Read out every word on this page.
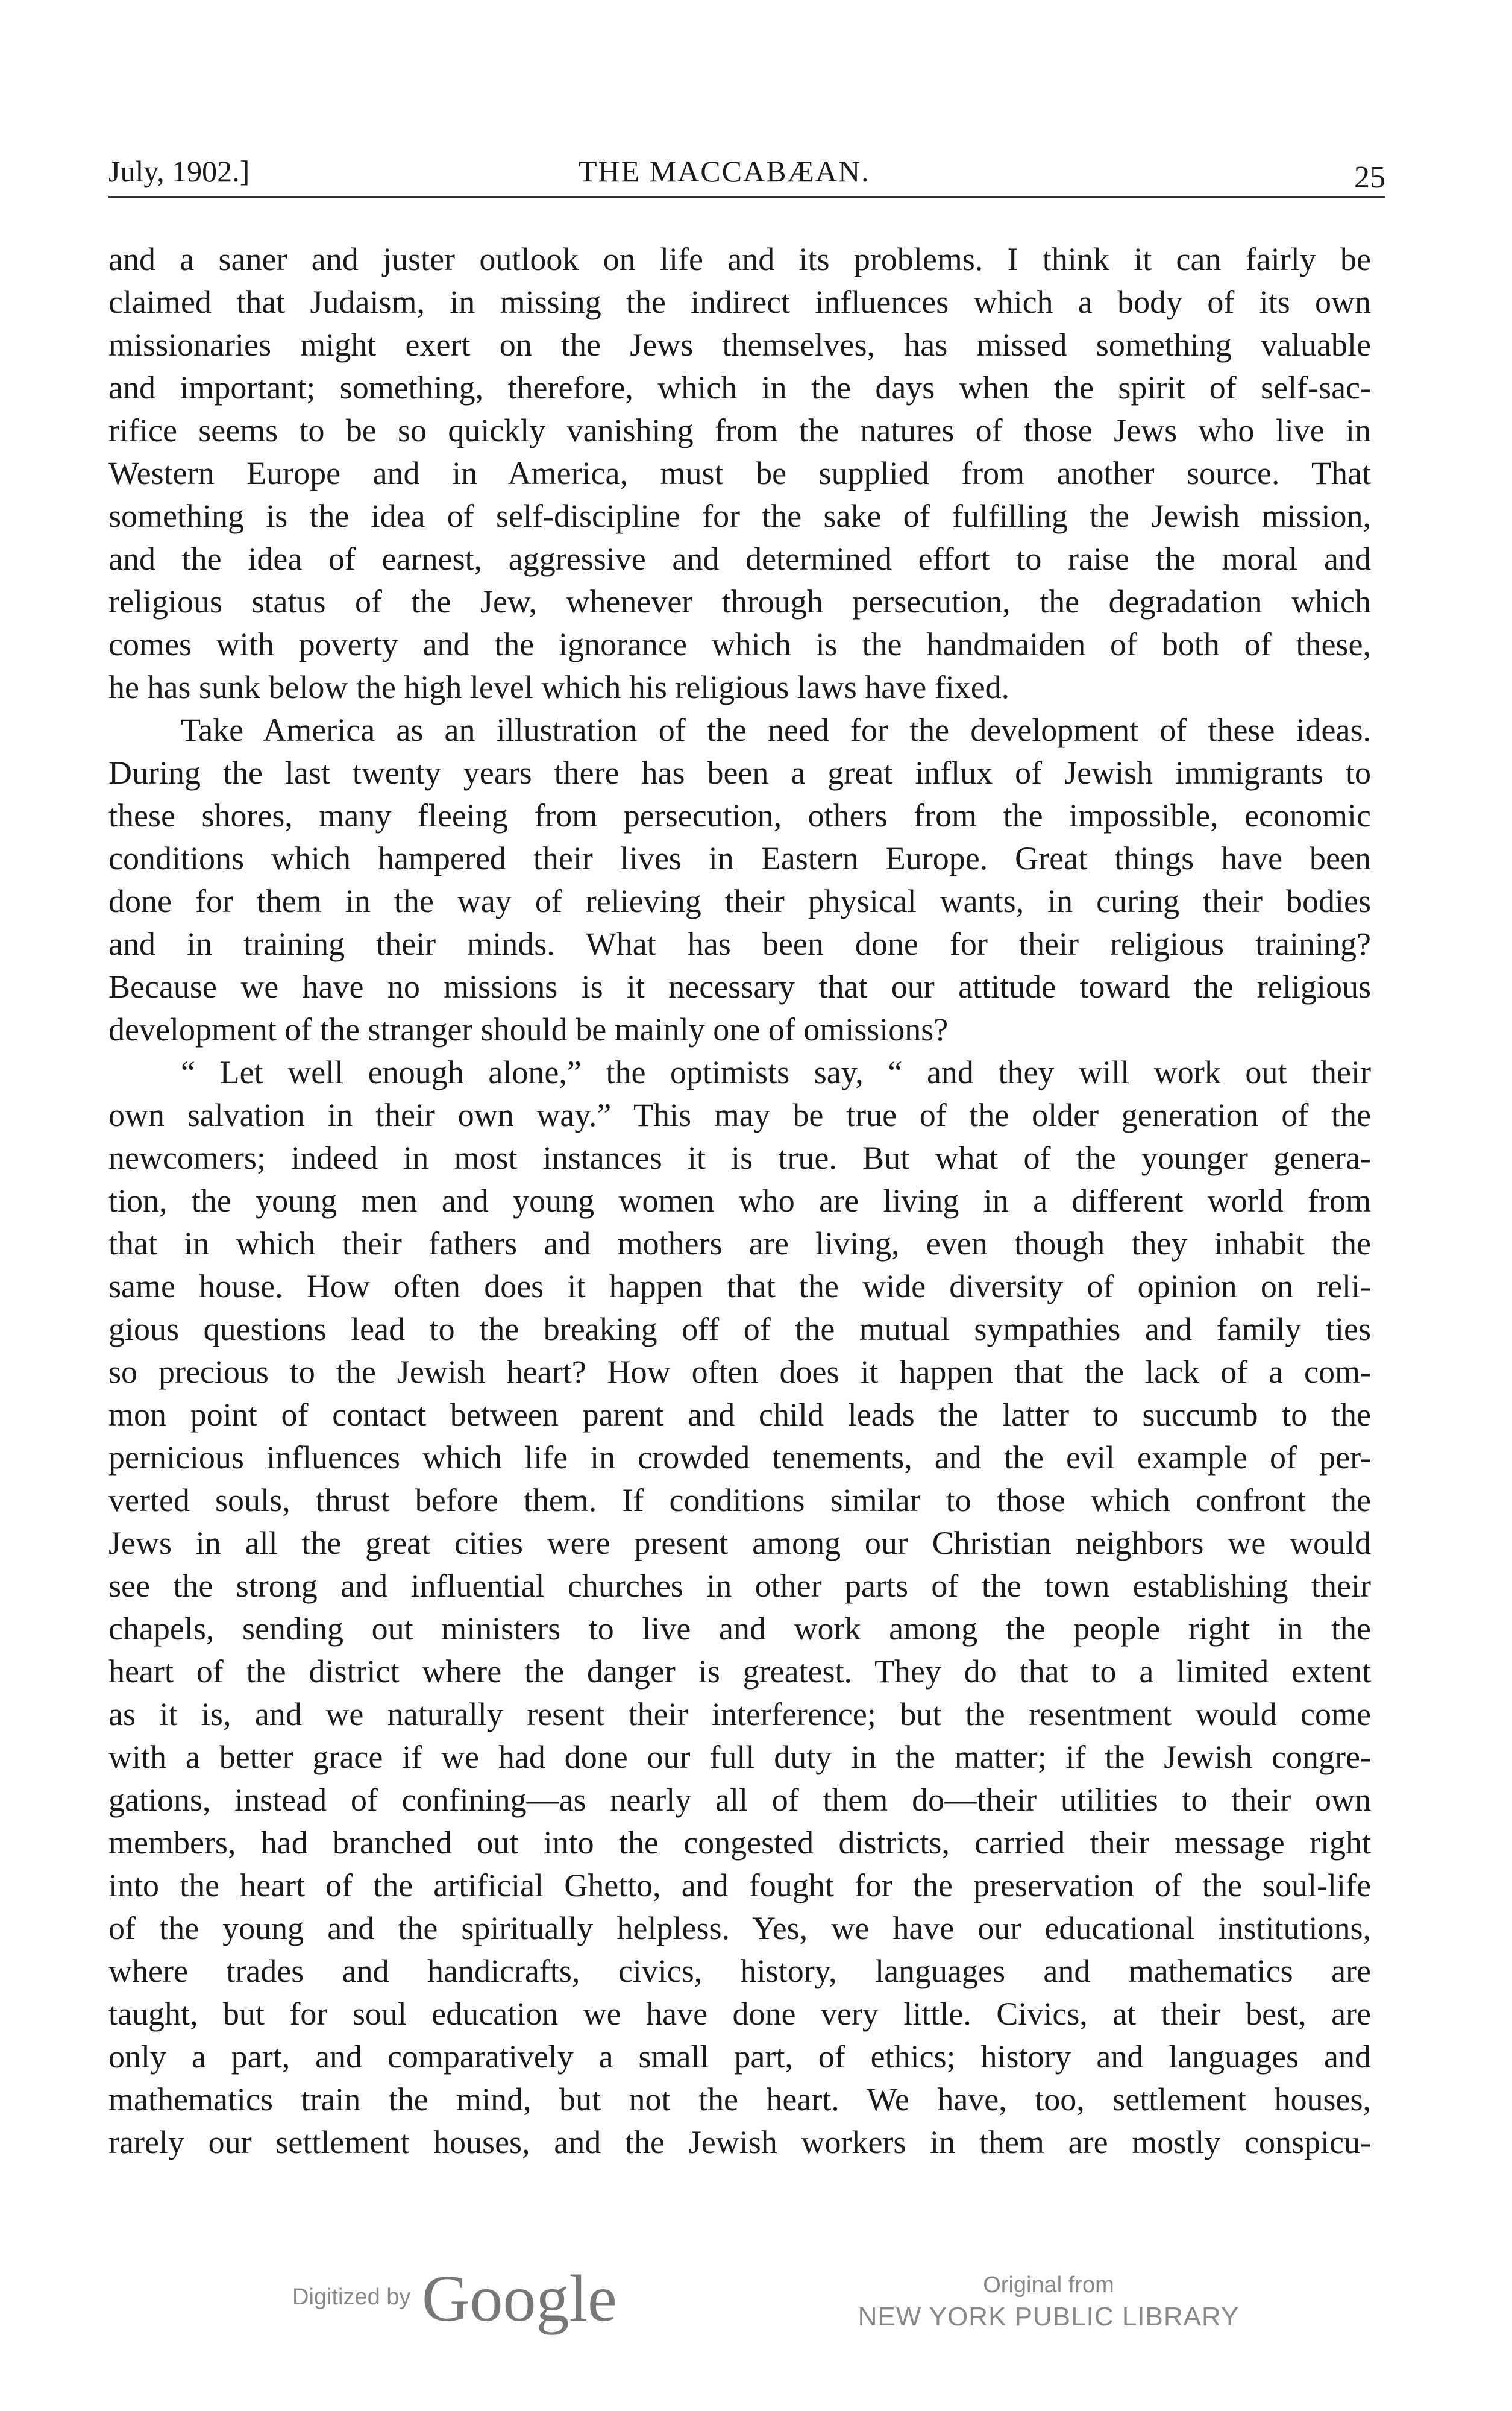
July, 1902.]	THE MACCABÆAN.	25
and a saner and juster outlook on life and its problems. I think it can fairly be
claimed that Judaism, in missing the indirect influences which a body of its own
missionaries might exert on the Jews themselves, has missed something valuable
and important; something, therefore, which in the days when the spirit of self-sac-
rifice seems to be so quickly vanishing from the natures of those Jews who live in
Western Europe and in America, must be supplied from another source. That
something is the idea of self-discipline for the sake of fulfilling the Jewish mission,
and the idea of earnest, aggressive and determined effort to raise the moral and
religious status of the Jew, whenever through persecution, the degradation which
comes with poverty and the ignorance which is the handmaiden of both of these,
he has sunk below the high level which his religious laws have fixed.
Take America as an illustration of the need for the development of these ideas.
During the last twenty years there has been a great influx of Jewish immigrants to
these shores, many fleeing from persecution, others from the impossible, economic
conditions which hampered their lives in Eastern Europe. Great things have been
done for them in the way of relieving their physical wants, in curing their bodies
and in training their minds. What has been done for their religious training?
Because we have no missions is it necessary that our attitude toward the religious
development of the stranger should be mainly one of omissions?
“ Let well enough alone,” the optimists say, “ and they will work out their
own salvation in their own way.” This may be true of the older generation of the
newcomers; indeed in most instances it is true. But what of the younger genera-
tion, the young men and young women who are living in a different world from
that in which their fathers and mothers are living, even though they inhabit the
same house. How often does it happen that the wide diversity of opinion on reli-
gious questions lead to the breaking off of the mutual sympathies and family ties
so precious to the Jewish heart? How often does it happen that the lack of a com-
mon point of contact between parent and child leads the latter to succumb to the
pernicious influences which life in crowded tenements, and the evil example of per-
verted souls, thrust before them. If conditions similar to those which confront the
Jews in all the great cities were present among our Christian neighbors we would
see the strong and influential churches in other parts of the town establishing their
chapels, sending out ministers to live and work among the people right in the
heart of the district where the danger is greatest. They do that to a limited extent
as it is, and we naturally resent their interference; but the resentment would come
with a better grace if we had done our full duty in the matter; if the Jewish congre-
gations, instead of confining—as nearly all of them do—their utilities to their own
members, had branched out into the congested districts, carried their message right
into the heart of the artificial Ghetto, and fought for the preservation of the soul-life
of the young and the spiritually helpless. Yes, we have our educational institutions,
where trades and handicrafts, civics, history, languages and mathematics are
taught, but for soul education we have done very little. Civics, at their best, are
only a part, and comparatively a small part, of ethics; history and languages and
mathematics train the mind, but not the heart. We have, too, settlement houses,
rarely our settlement houses, and the Jewish workers in them are mostly conspicu-
Digitized by Google	Original from
NEW YORK PUBLIC LIBRARY
